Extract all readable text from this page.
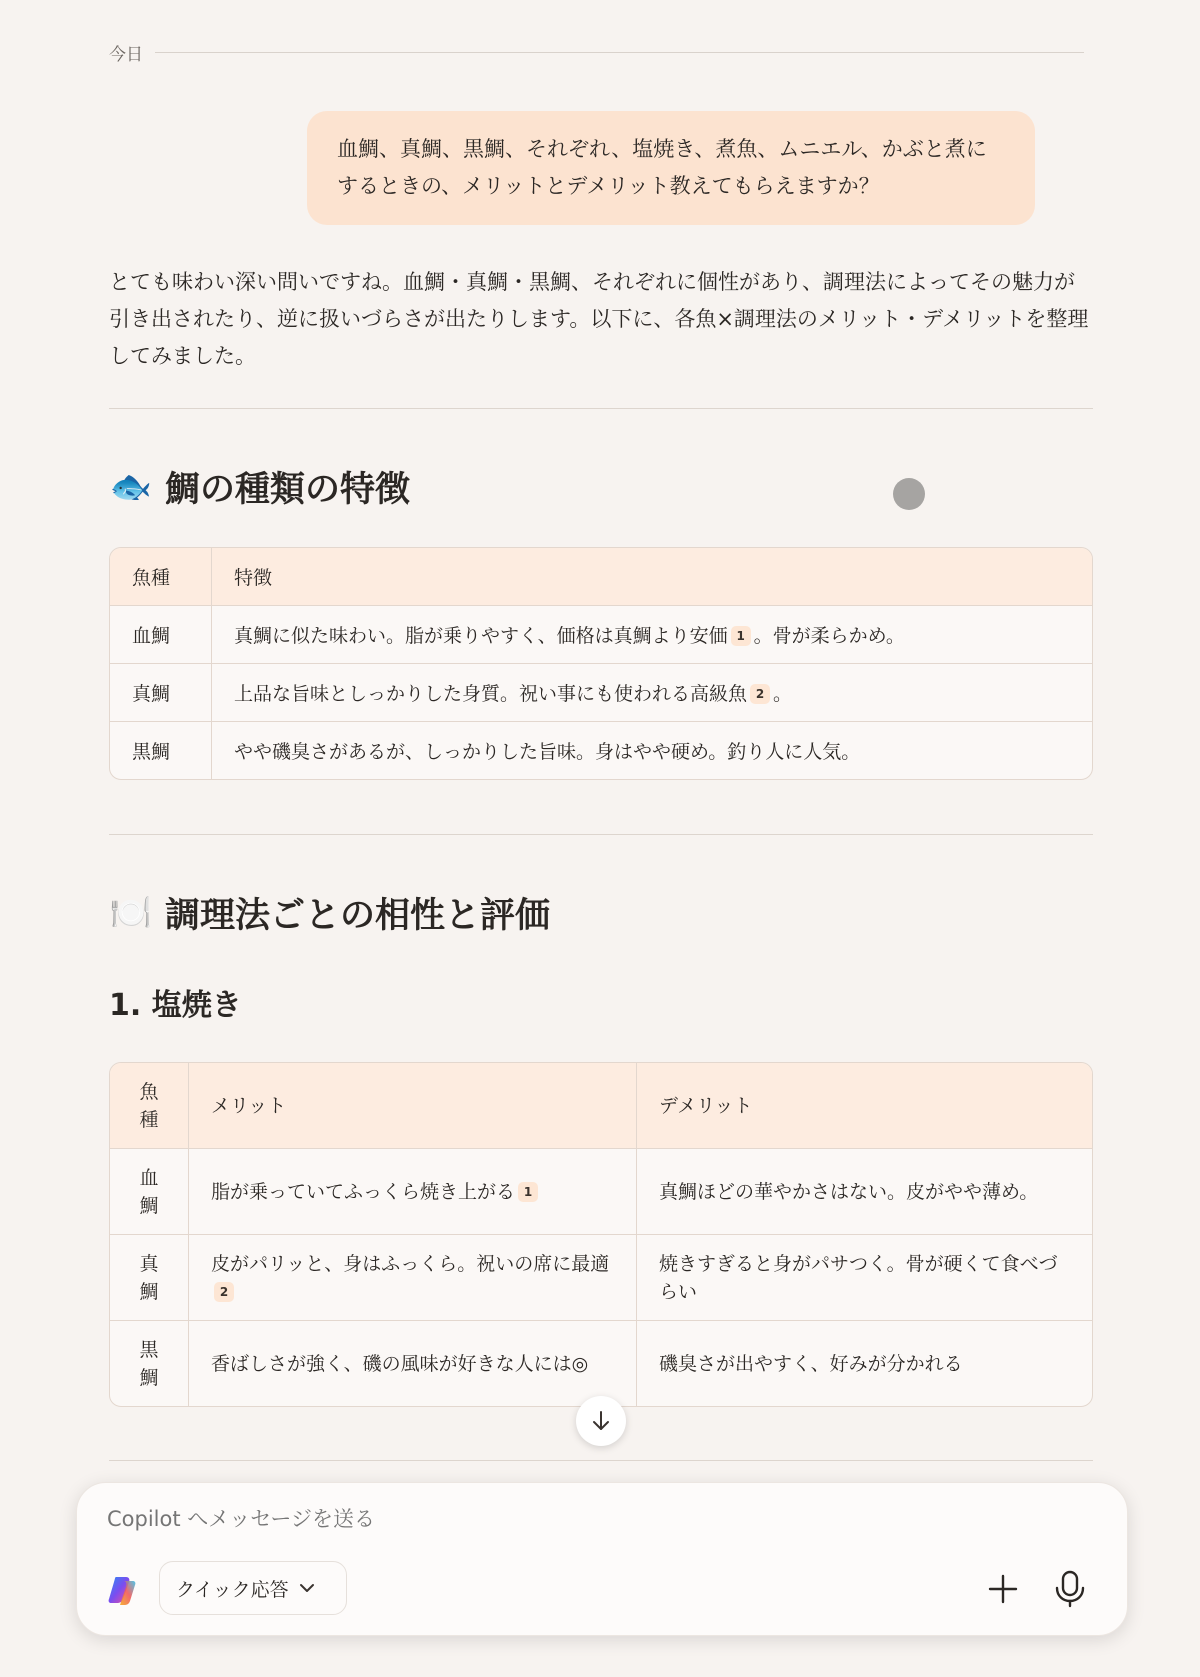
今日
血鯛、真鯛、黒鯛、それぞれ、塩焼き、煮魚、ムニエル、かぶと煮にするときの、メリットとデメリット教えてもらえますか？
とても味わい深い問いですね。血鯛・真鯛・黒鯛、それぞれに個性があり、調理法によってその魅力が引き出されたり、逆に扱いづらさが出たりします。以下に、各魚×調理法のメリット・デメリットを整理してみました。
🐟 鯛の種類の特徴
魚種	特徴
血鯛	真鯛に似た味わい。脂が乗りやすく、価格は真鯛より安価 1 。骨が柔らかめ。
真鯛	上品な旨味としっかりした身質。祝い事にも使われる高級魚 2 。
黒鯛	やや磯臭さがあるが、しっかりした旨味。身はやや硬め。釣り人に人気。
🍽️ 調理法ごとの相性と評価
1. 塩焼き
魚種	メリット	デメリット
血鯛	脂が乗っていてふっくら焼き上がる 1	真鯛ほどの華やかさはない。皮がやや薄め。
真鯛	皮がパリッと、身はふっくら。祝いの席に最適2	焼きすぎると身がパサつく。骨が硬くて食べづらい
黒鯛	香ばしさが強く、磯の風味が好きな人には◎	磯臭さが出やすく、好みが分かれる
Copilot へメッセージを送る
クイック応答
